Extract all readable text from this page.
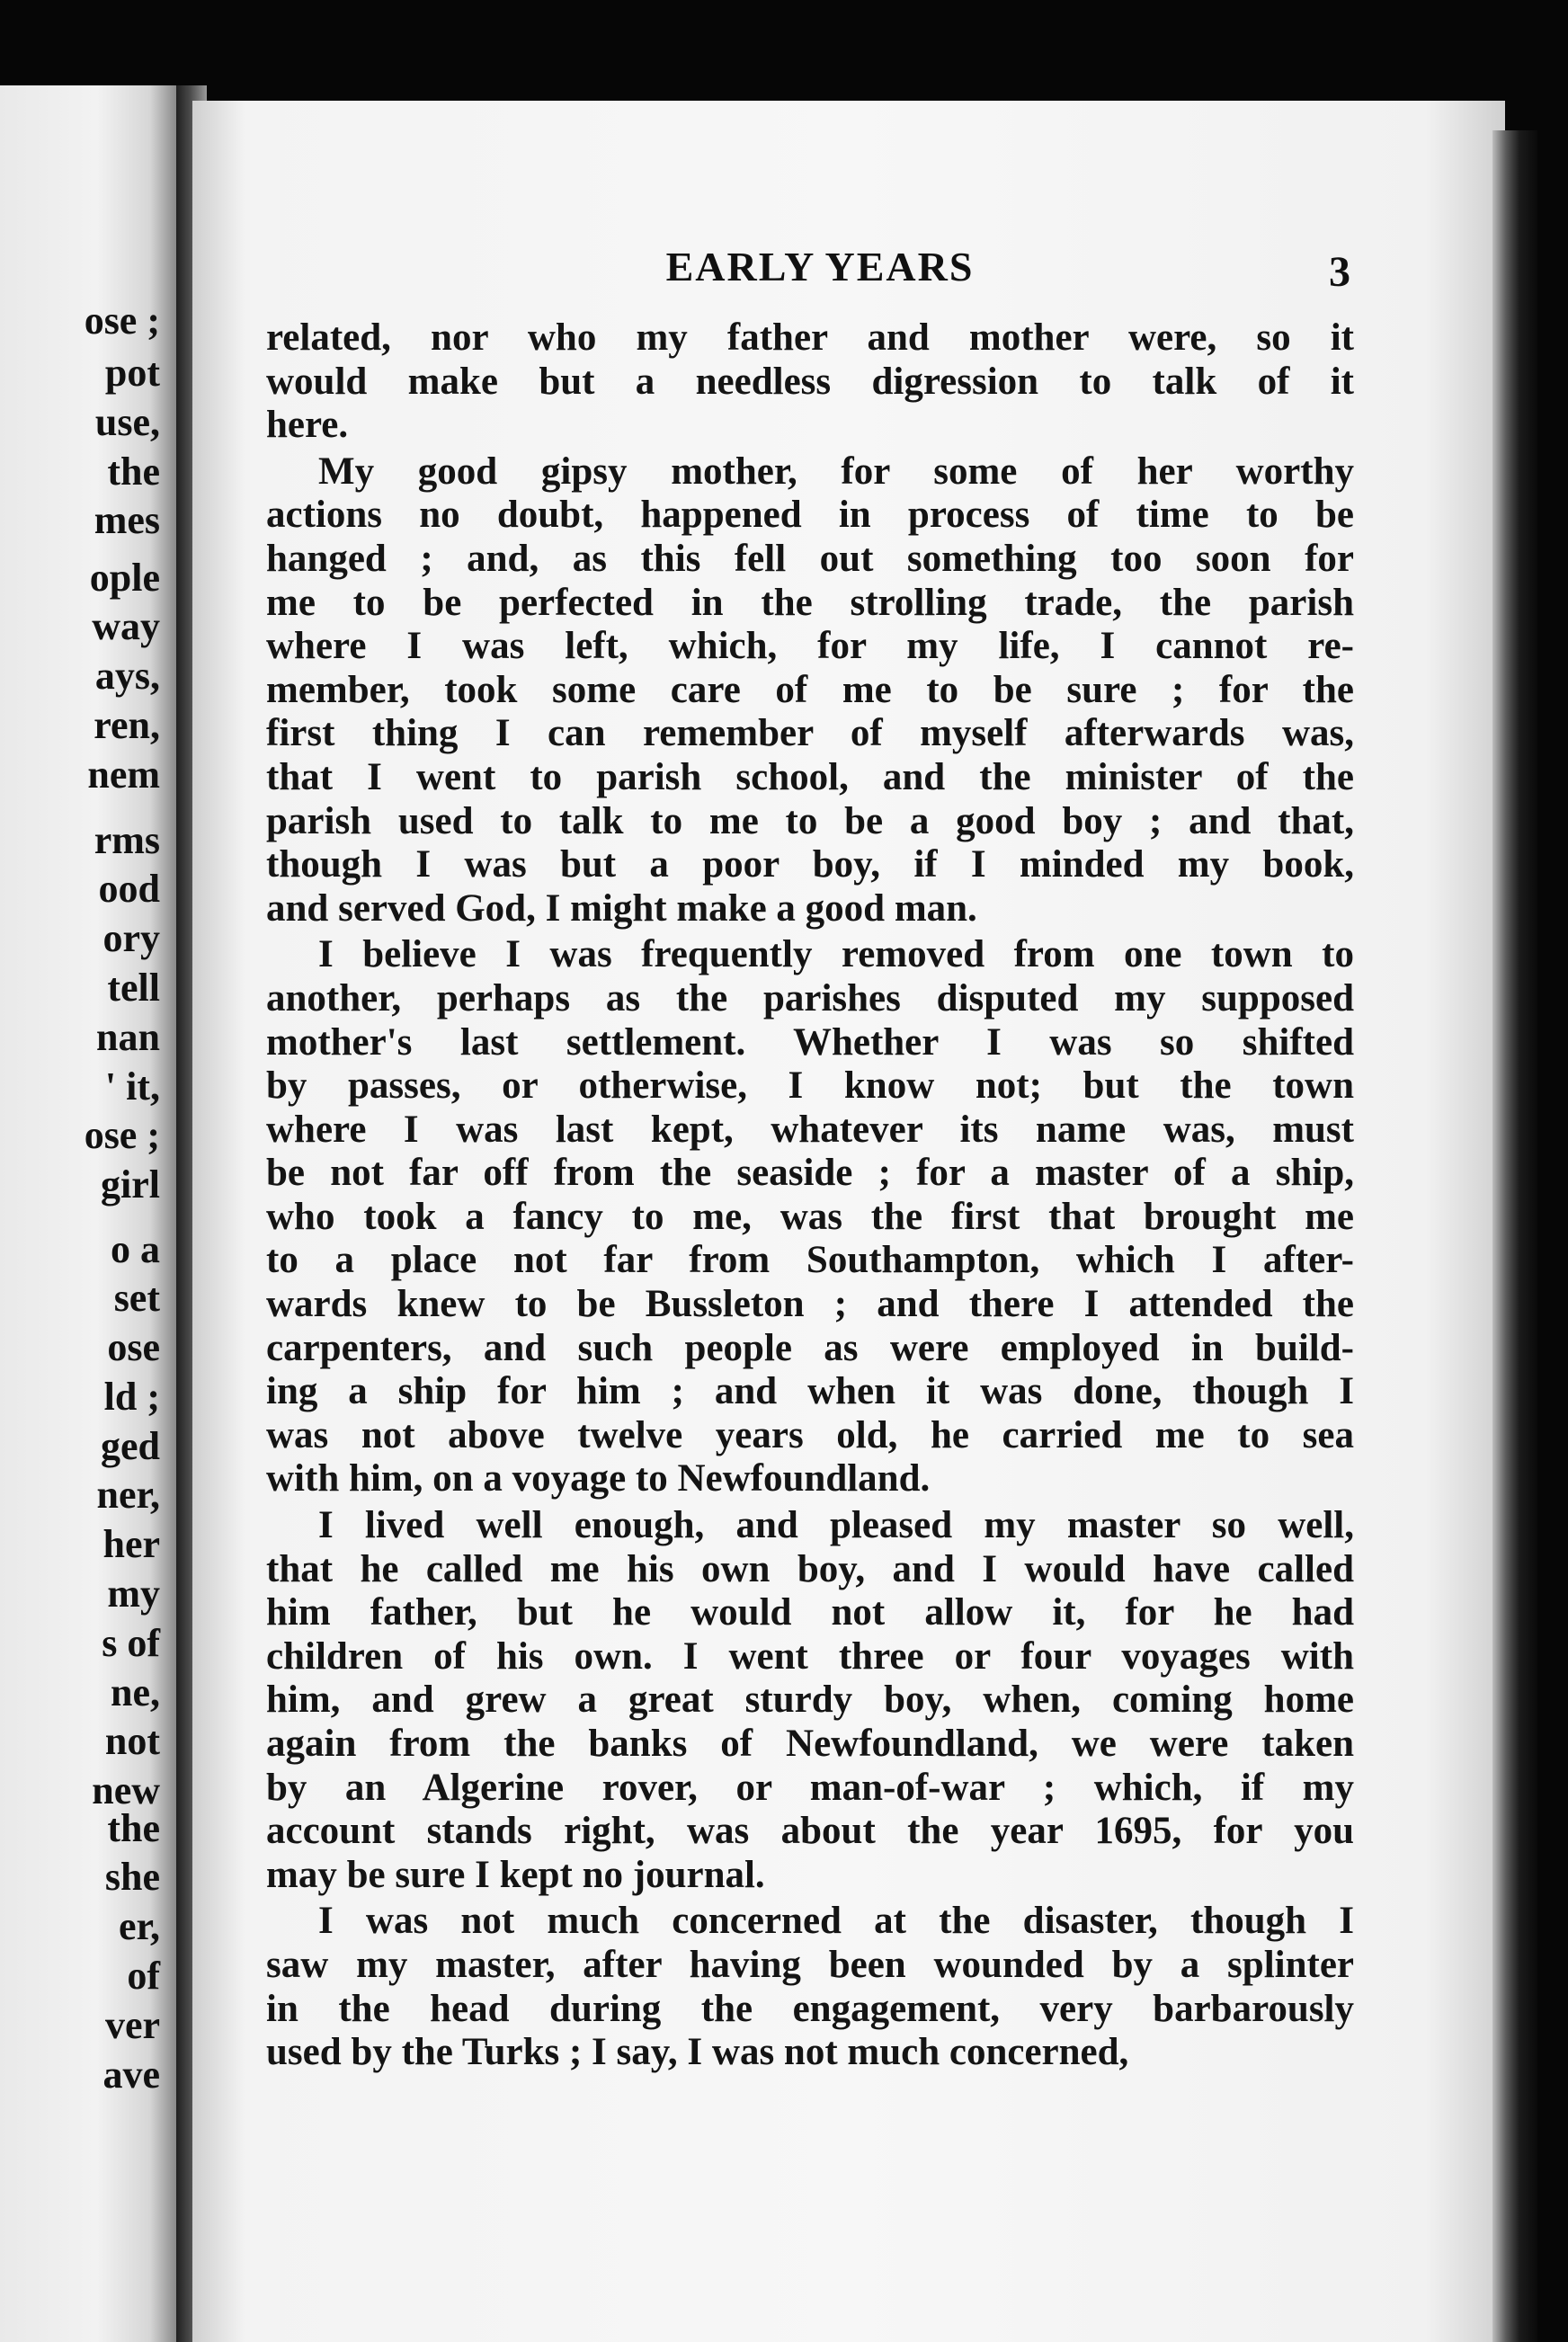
ose ;
pot
use,
the
mes
ople
way
ays,
ren,
nem
rms
ood
ory
tell
nan
' it,
ose ;
girl
o a
set
ose
ld ;
ged
ner,
her
my
s of
ne,
not
new
the
she
er,
of
ver
ave
EARLY YEARS	3
related, nor who my father and mother were, so it
would make but a needless digression to talk of it
here.
My good gipsy mother, for some of her worthy
actions no doubt, happened in process of time to be
hanged ; and, as this fell out something too soon for
me to be perfected in the strolling trade, the parish
where I was left, which, for my life, I cannot re-
member, took some care of me to be sure ; for the
first thing I can remember of myself afterwards was,
that I went to parish school, and the minister of the
parish used to talk to me to be a good boy ; and that,
though I was but a poor boy, if I minded my book,
and served God, I might make a good man.
I believe I was frequently removed from one town to
another, perhaps as the parishes disputed my supposed
mother's last settlement. Whether I was so shifted
by passes, or otherwise, I know not; but the town
where I was last kept, whatever its name was, must
be not far off from the seaside ; for a master of a ship,
who took a fancy to me, was the first that brought me
to a place not far from Southampton, which I after-
wards knew to be Bussleton ; and there I attended the
carpenters, and such people as were employed in build-
ing a ship for him ; and when it was done, though I
was not above twelve years old, he carried me to sea
with him, on a voyage to Newfoundland.
I lived well enough, and pleased my master so well,
that he called me his own boy, and I would have called
him father, but he would not allow it, for he had
children of his own. I went three or four voyages with
him, and grew a great sturdy boy, when, coming home
again from the banks of Newfoundland, we were taken
by an Algerine rover, or man-of-war ; which, if my
account stands right, was about the year 1695, for you
may be sure I kept no journal.
I was not much concerned at the disaster, though I
saw my master, after having been wounded by a splinter
in the head during the engagement, very barbarously
used by the Turks ; I say, I was not much concerned,
